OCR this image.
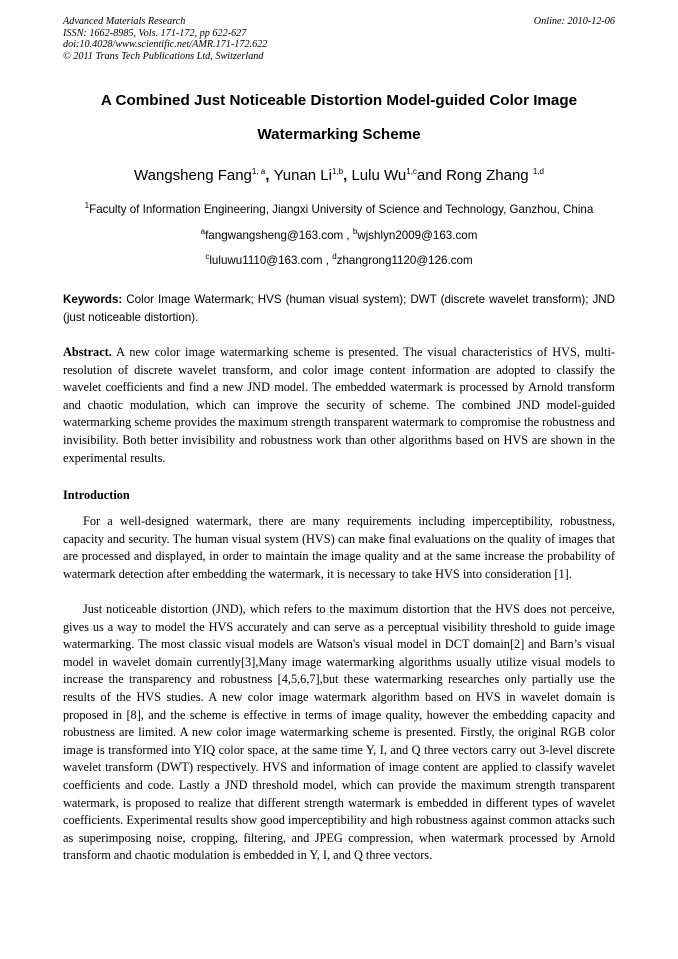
Advanced Materials Research
ISSN: 1662-8985, Vols. 171-172, pp 622-627
doi:10.4028/www.scientific.net/AMR.171-172.622
© 2011 Trans Tech Publications Ltd, Switzerland
Online: 2010-12-06
A Combined Just Noticeable Distortion Model-guided Color Image
Watermarking Scheme
Wangsheng Fang$^{1, a}$, Yunan Li$^{1,b}$, Lulu Wu$^{1,c}$and Rong Zhang $^{1,d}$
$^1$Faculty of Information Engineering, Jiangxi University of Science and Technology, Ganzhou, China
$^a$fangwangsheng@163.com , $^b$wjshlyn2009@163.com
$^c$luluwu1110@163.com , $^d$zhangrong1120@126.com
Keywords: Color Image Watermark; HVS (human visual system); DWT (discrete wavelet transform); JND (just noticeable distortion).
Abstract. A new color image watermarking scheme is presented. The visual characteristics of HVS, multi-resolution of discrete wavelet transform, and color image content information are adopted to classify the wavelet coefficients and find a new JND model. The embedded watermark is processed by Arnold transform and chaotic modulation, which can improve the security of scheme. The combined JND model-guided watermarking scheme provides the maximum strength transparent watermark to compromise the robustness and invisibility. Both better invisibility and robustness work than other algorithms based on HVS are shown in the experimental results.
Introduction
For a well-designed watermark, there are many requirements including imperceptibility, robustness, capacity and security. The human visual system (HVS) can make final evaluations on the quality of images that are processed and displayed, in order to maintain the image quality and at the same increase the probability of watermark detection after embedding the watermark, it is necessary to take HVS into consideration [1].
Just noticeable distortion (JND), which refers to the maximum distortion that the HVS does not perceive, gives us a way to model the HVS accurately and can serve as a perceptual visibility threshold to guide image watermarking. The most classic visual models are Watson's visual model in DCT domain[2] and Barn’s visual model in wavelet domain currently[3],Many image watermarking algorithms usually utilize visual models to increase the transparency and robustness [4,5,6,7],but these watermarking researches only partially use the results of the HVS studies. A new color image watermark algorithm based on HVS in wavelet domain is proposed in [8], and the scheme is effective in terms of image quality, however the embedding capacity and robustness are limited. A new color image watermarking scheme is presented. Firstly, the original RGB color image is transformed into YIQ color space, at the same time Y, I, and Q three vectors carry out 3-level discrete wavelet transform (DWT) respectively. HVS and information of image content are applied to classify wavelet coefficients and code. Lastly a JND threshold model, which can provide the maximum strength transparent watermark, is proposed to realize that different strength watermark is embedded in different types of wavelet coefficients. Experimental results show good imperceptibility and high robustness against common attacks such as superimposing noise, cropping, filtering, and JPEG compression, when watermark processed by Arnold transform and chaotic modulation is embedded in Y, I, and Q three vectors.
